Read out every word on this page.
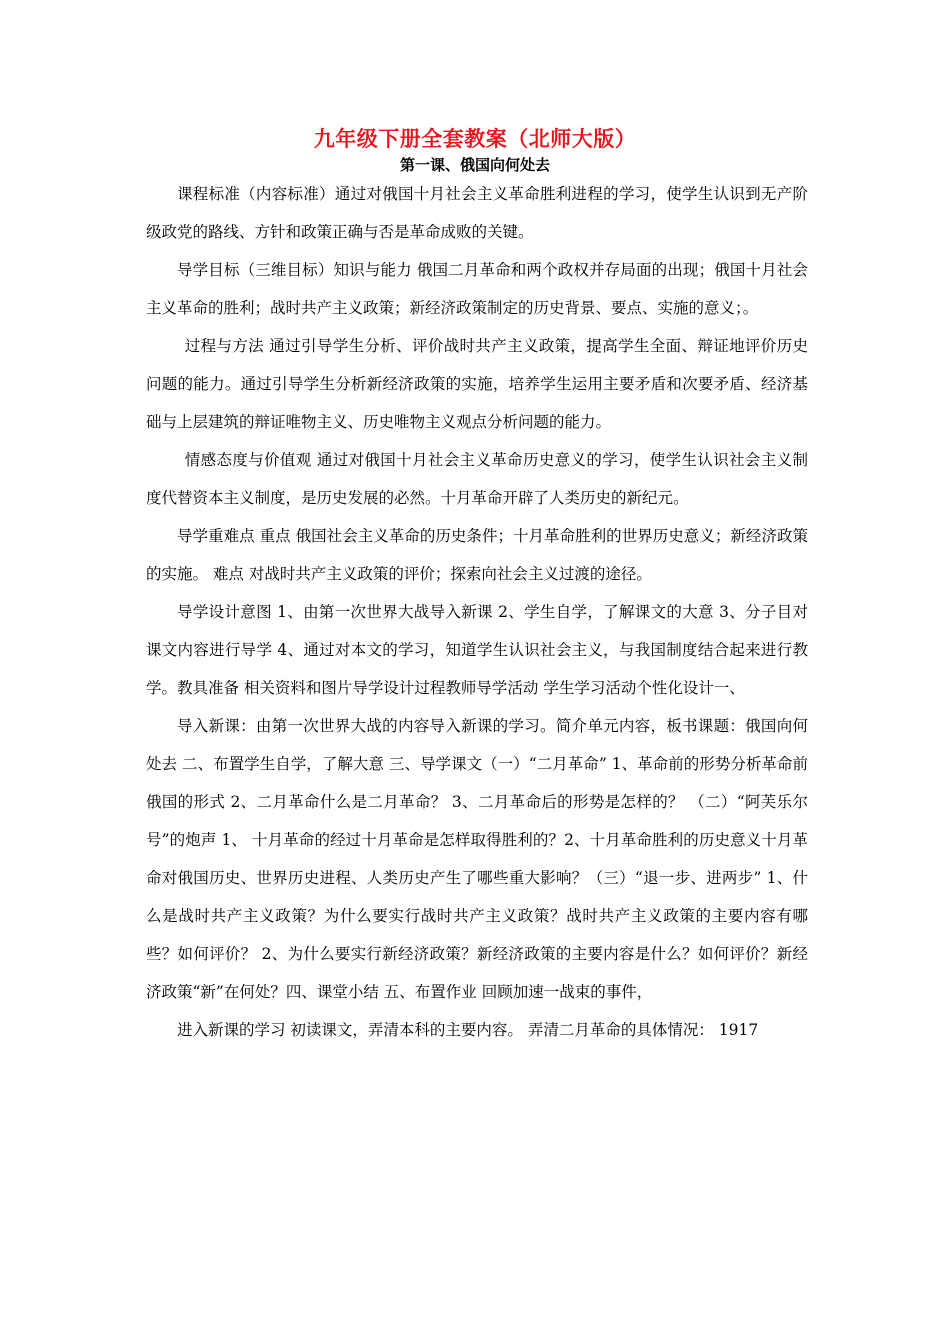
九年级下册全套教案（北师大版）
第一课、俄国向何处去

课程标准（内容标准）通过对俄国十月社会主义革命胜利进程的学习，使学生认识到无产阶级政党的路线、方针和政策正确与否是革命成败的关键。

导学目标（三维目标）知识与能力 俄国二月革命和两个政权并存局面的出现；俄国十月社会主义革命的胜利；战时共产主义政策；新经济政策制定的历史背景、要点、实施的意义；。

过程与方法 通过引导学生分析、评价战时共产主义政策，提高学生全面、辩证地评价历史问题的能力。通过引导学生分析新经济政策的实施，培养学生运用主要矛盾和次要矛盾、经济基础与上层建筑的辩证唯物主义、历史唯物主义观点分析问题的能力。

情感态度与价值观 通过对俄国十月社会主义革命历史意义的学习，使学生认识社会主义制度代替资本主义制度，是历史发展的必然。十月革命开辟了人类历史的新纪元。

导学重难点 重点 俄国社会主义革命的历史条件；十月革命胜利的世界历史意义；新经济政策的实施。 难点 对战时共产主义政策的评价；探索向社会主义过渡的途径。

导学设计意图 1、由第一次世界大战导入新课 2、学生自学，了解课文的大意 3、分子目对课文内容进行导学 4、通过对本文的学习，知道学生认识社会主义，与我国制度结合起来进行教学。教具准备 相关资料和图片导学设计过程教师导学活动 学生学习活动个性化设计一、

导入新课：由第一次世界大战的内容导入新课的学习。简介单元内容，板书课题：俄国向何处去 二、布置学生自学，了解大意 三、导学课文（一）“二月革命” 1、革命前的形势分析革命前俄国的形式 2、二月革命什么是二月革命？ 3、二月革命后的形势是怎样的？ （二）“阿芙乐尔号”的炮声 1、 十月革命的经过十月革命是怎样取得胜利的？2、十月革命胜利的历史意义十月革命对俄国历史、世界历史进程、人类历史产生了哪些重大影响？（三）“退一步、进两步” 1、什么是战时共产主义政策？为什么要实行战时共产主义政策？战时共产主义政策的主要内容有哪些？如何评价？ 2、为什么要实行新经济政策？新经济政策的主要内容是什么？如何评价？新经济政策“新”在何处？四、课堂小结 五、布置作业 回顾加速一战束的事件，

进入新课的学习 初读课文，弄清本科的主要内容。 弄清二月革命的具体情况： 1917
